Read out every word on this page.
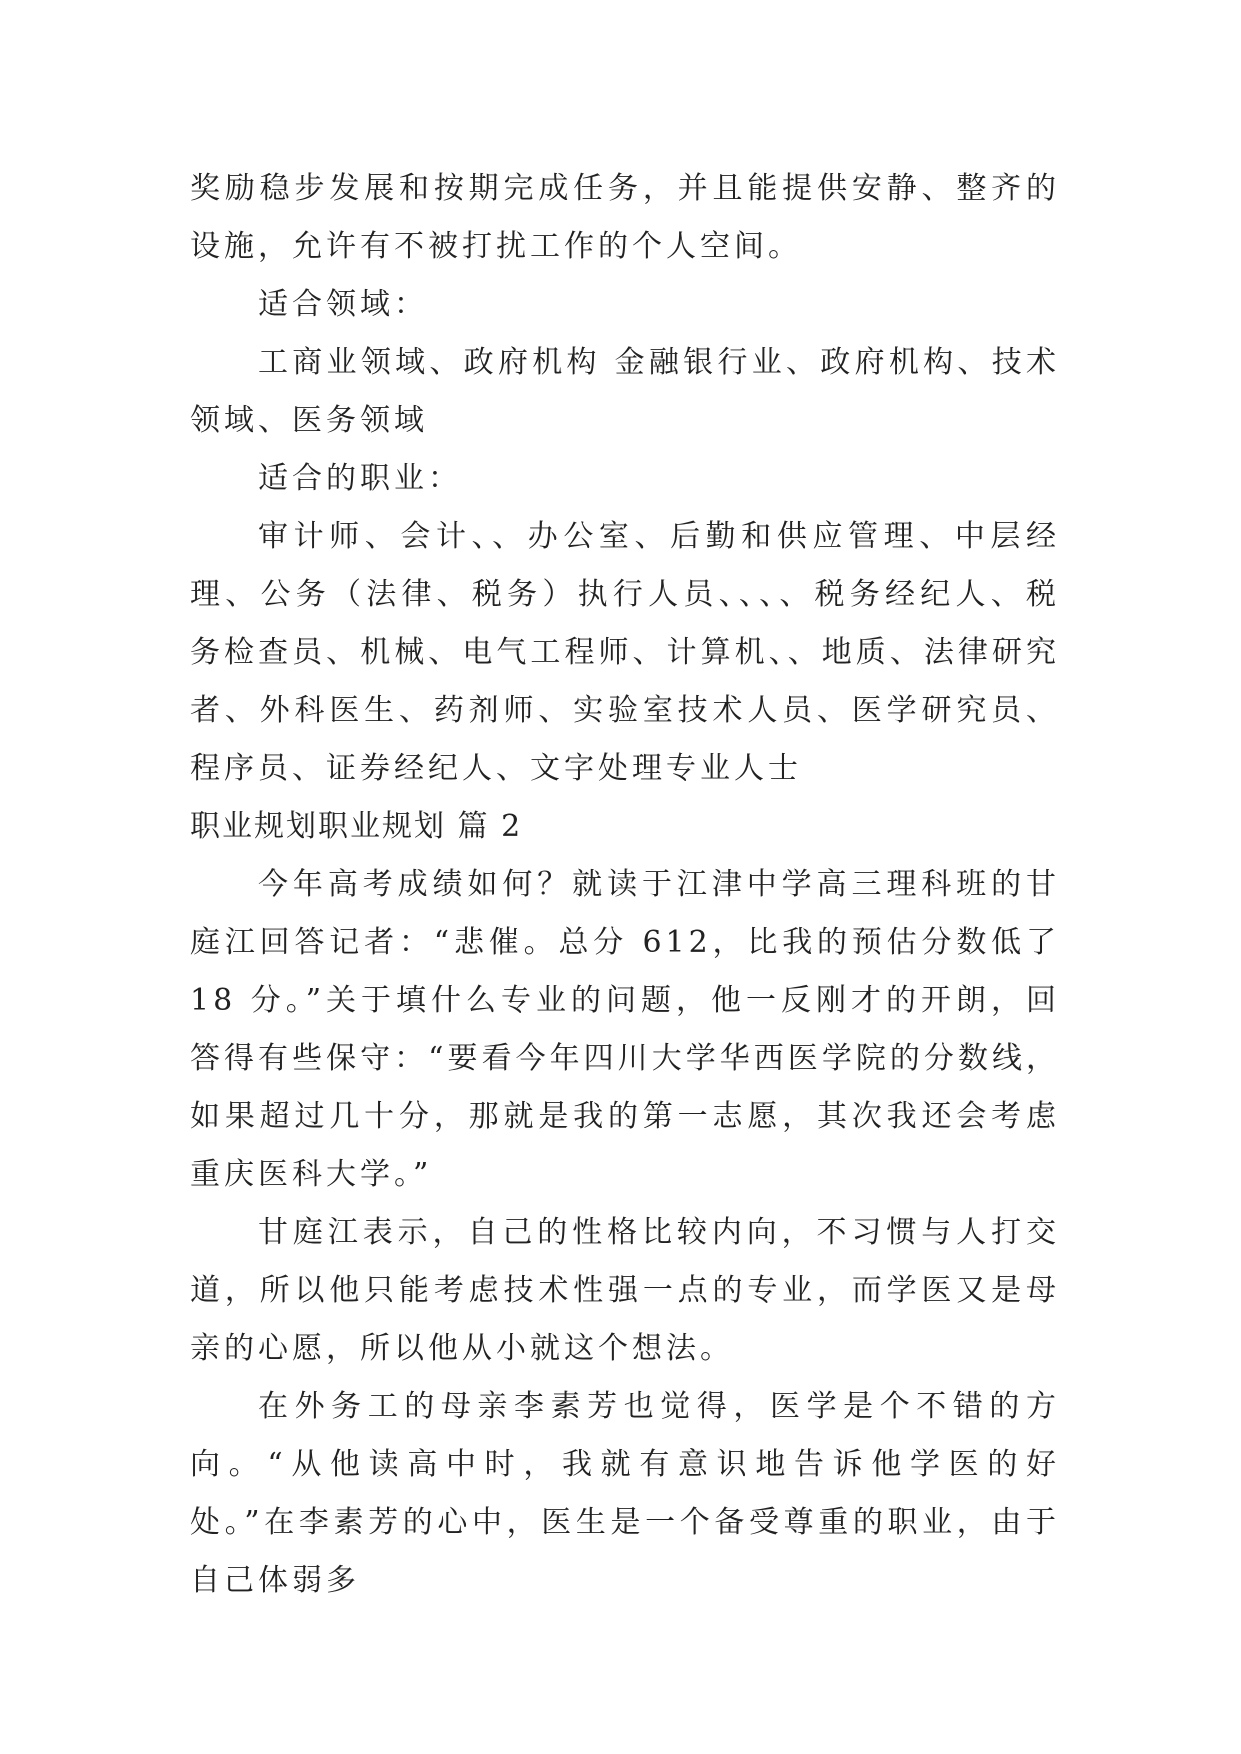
奖励稳步发展和按期完成任务，并且能提供安静、整齐的设施，允许有不被打扰工作的个人空间。

适合领域：

工商业领域、政府机构 金融银行业、政府机构、技术领域、医务领域

适合的职业：

审计师、会计、、办公室、后勤和供应管理、中层经理、公务（法律、税务）执行人员、、、、税务经纪人、税务检查员、机械、电气工程师、计算机、、地质、法律研究者、外科医生、药剂师、实验室技术人员、医学研究员、程序员、证券经纪人、文字处理专业人士

职业规划职业规划 篇 2

今年高考成绩如何？就读于江津中学高三理科班的甘庭江回答记者：“悲催。总分 612，比我的预估分数低了 18 分。”关于填什么专业的问题，他一反刚才的开朗，回答得有些保守：“要看今年四川大学华西医学院的分数线，如果超过几十分，那就是我的第一志愿，其次我还会考虑重庆医科大学。”

甘庭江表示，自己的性格比较内向，不习惯与人打交道，所以他只能考虑技术性强一点的专业，而学医又是母亲的心愿，所以他从小就这个想法。

在外务工的母亲李素芳也觉得，医学是个不错的方向。“从他读高中时，我就有意识地告诉他学医的好处。”在李素芳的心中，医生是一个备受尊重的职业，由于自己体弱多
